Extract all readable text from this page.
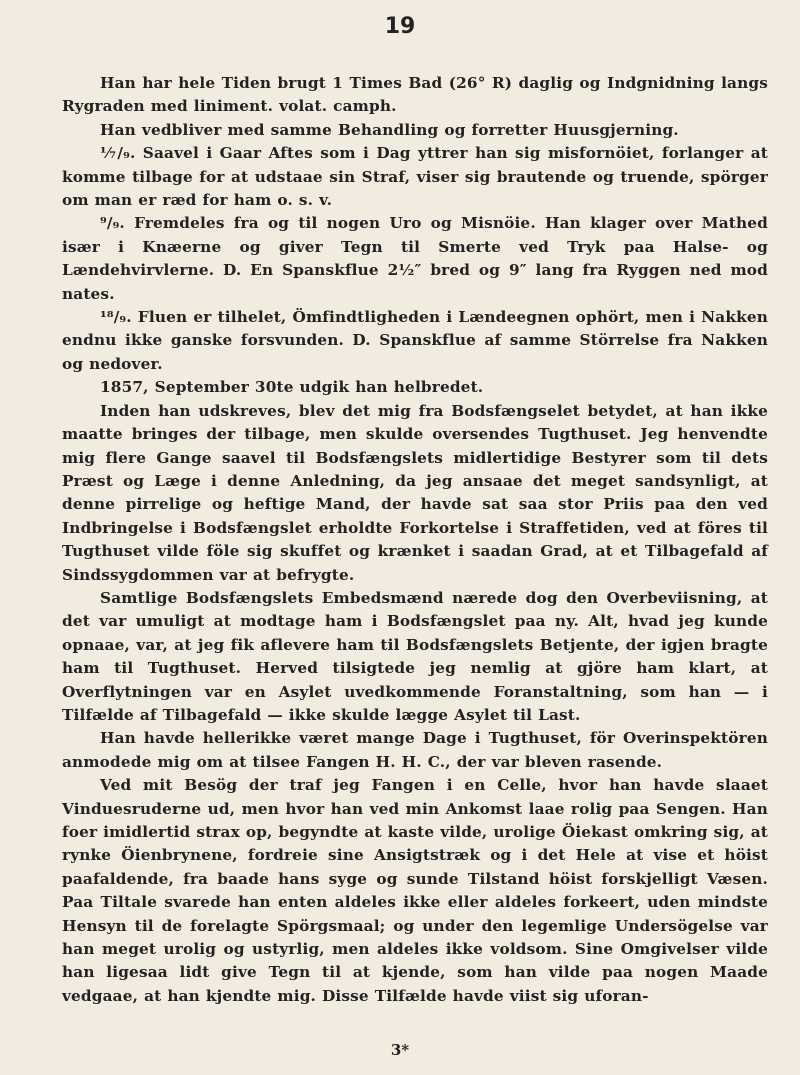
19

Han har hele Tiden brugt 1 Times Bad (26° R) daglig og Indgnidning langs Rygraden med liniment. volat. camph.

Han vedbliver med samme Behandling og forretter Huusgjerning.

⅐/₉. Saavel i Gaar Aftes som i Dag yttrer han sig misfornöiet, forlanger at komme tilbage for at udstaae sin Straf, viser sig brautende og truende, spörger om man er ræd for ham o. s. v.

⁹/₉. Fremdeles fra og til nogen Uro og Misnöie. Han klager over Mathed især i Knæerne og giver Tegn til Smerte ved Tryk paa Halse- og Lændehvirvlerne. D. En Spanskflue 2½″ bred og 9″ lang fra Ryggen ned mod nates.

¹⁸/₉. Fluen er tilhelet, Ömfindtligheden i Lændeegnen ophört, men i Nakken endnu ikke ganske forsvunden. D. Spanskflue af samme Störrelse fra Nakken og nedover.

1857, September 30te udgik han helbredet.

Inden han udskreves, blev det mig fra Bodsfængselet betydet, at han ikke maatte bringes der tilbage, men skulde oversendes Tugthuset. Jeg henvendte mig flere Gange saavel til Bodsfængslets midlertidige Bestyrer som til dets Præst og Læge i denne Anledning, da jeg ansaae det meget sandsynligt, at denne pirrelige og heftige Mand, der havde sat saa stor Priis paa den ved Indbringelse i Bodsfængslet erholdte Forkortelse i Straffetiden, ved at föres til Tugthuset vilde föle sig skuffet og krænket i saadan Grad, at et Tilbagefald af Sindssygdommen var at befrygte.

Samtlige Bodsfængslets Embedsmænd nærede dog den Overbeviisning, at det var umuligt at modtage ham i Bodsfængslet paa ny. Alt, hvad jeg kunde opnaae, var, at jeg fik aflevere ham til Bodsfængslets Betjente, der igjen bragte ham til Tugthuset. Herved tilsigtede jeg nemlig at gjöre ham klart, at Overflytningen var en Asylet uvedkommende Foranstaltning, som han — i Tilfælde af Tilbagefald — ikke skulde lægge Asylet til Last.

Han havde hellerikke været mange Dage i Tugthuset, för Overinspektören anmodede mig om at tilsee Fangen H. H. C., der var bleven rasende.

Ved mit Besög der traf jeg Fangen i en Celle, hvor han havde slaaet Vinduesruderne ud, men hvor han ved min Ankomst laae rolig paa Sengen. Han foer imidlertid strax op, begyndte at kaste vilde, urolige Öiekast omkring sig, at rynke Öienbrynene, fordreie sine Ansigtstræk og i det Hele at vise et höist paafaldende, fra baade hans syge og sunde Tilstand höist forskjelligt Væsen. Paa Tiltale svarede han enten aldeles ikke eller aldeles forkeert, uden mindste Hensyn til de forelagte Spörgsmaal; og under den legemlige Undersögelse var han meget urolig og ustyrlig, men aldeles ikke voldsom. Sine Omgivelser vilde han ligesaa lidt give Tegn til at kjende, som han vilde paa nogen Maade vedgaae, at han kjendte mig. Disse Tilfælde havde viist sig uforan-

3*
